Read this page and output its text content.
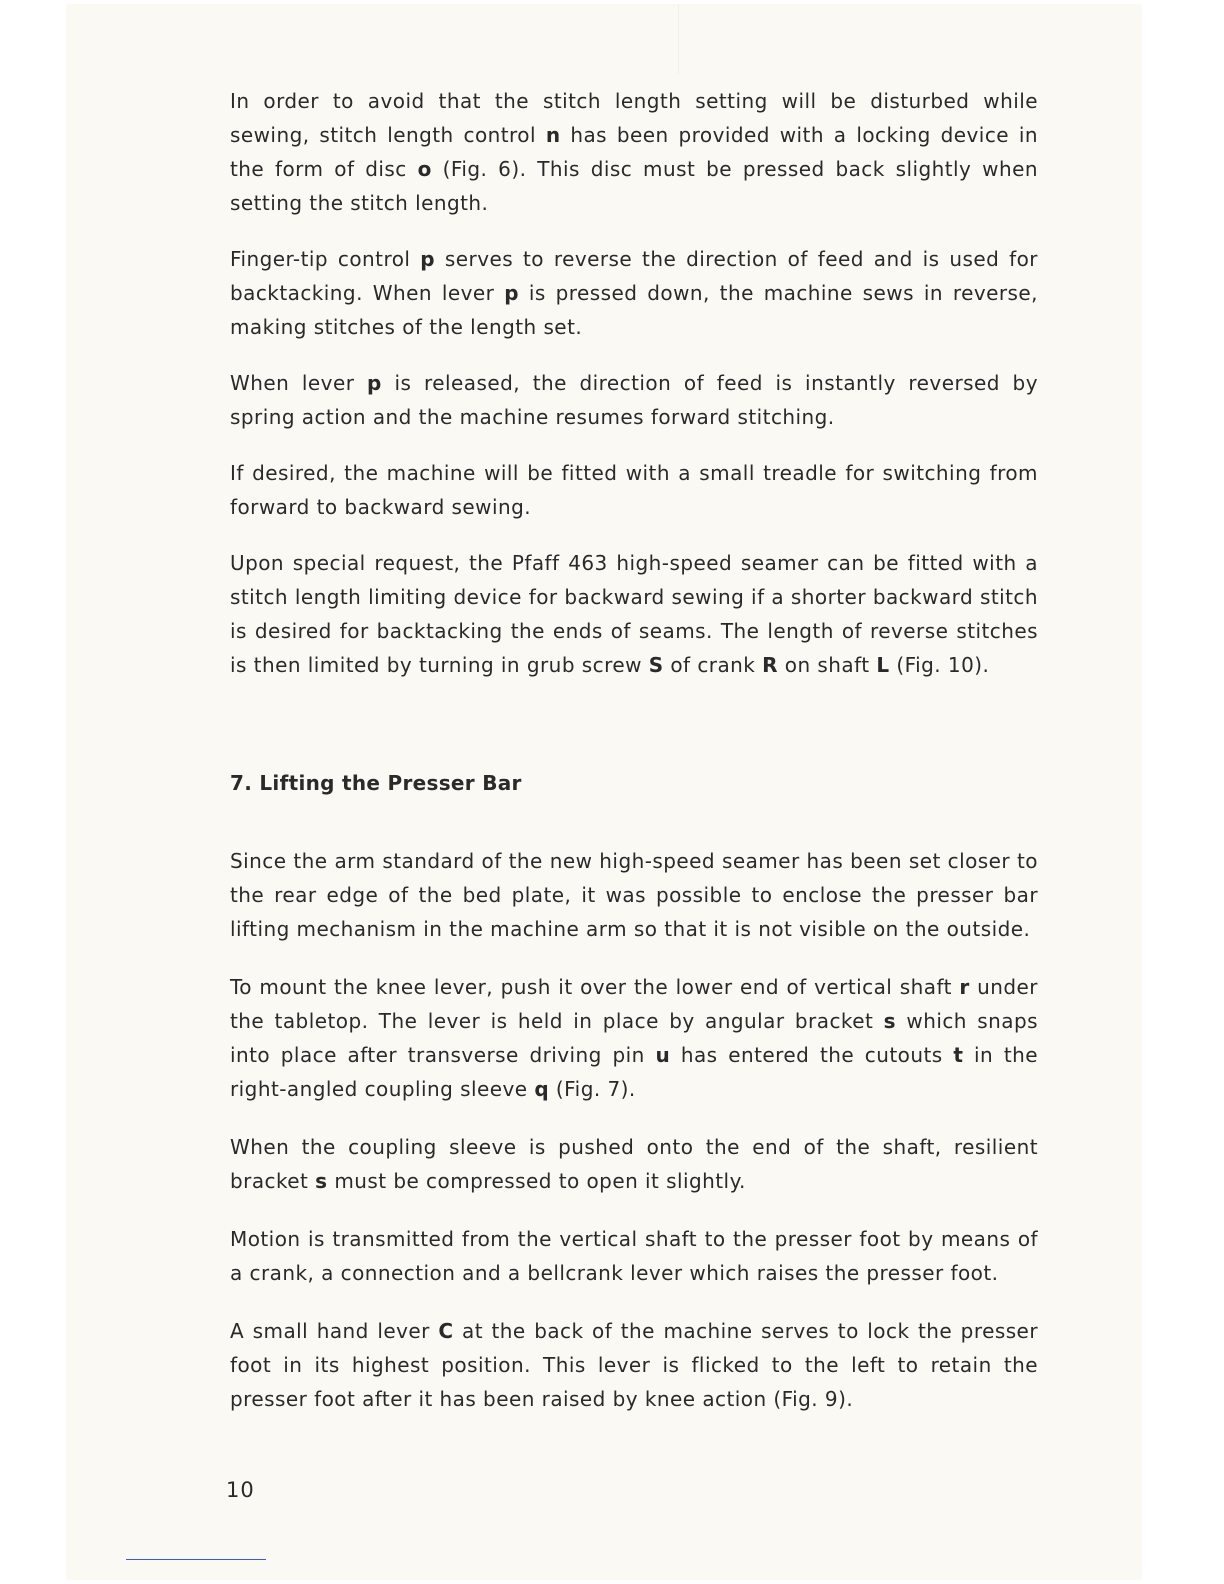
In order to avoid that the stitch length setting will be disturbed while sewing, stitch length control n has been provided with a locking device in the form of disc o (Fig. 6). This disc must be pressed back slightly when setting the stitch length.

Finger-tip control p serves to reverse the direction of feed and is used for backtacking. When lever p is pressed down, the machine sews in reverse, making stitches of the length set.

When lever p is released, the direction of feed is instantly reversed by spring action and the machine resumes forward stitching.

If desired, the machine will be fitted with a small treadle for switching from forward to backward sewing.

Upon special request, the Pfaff 463 high-speed seamer can be fitted with a stitch length limiting device for backward sewing if a shorter backward stitch is desired for backtacking the ends of seams. The length of reverse stitches is then limited by turning in grub screw S of crank R on shaft L (Fig. 10).

7. Lifting the Presser Bar

Since the arm standard of the new high-speed seamer has been set closer to the rear edge of the bed plate, it was possible to enclose the presser bar lifting mechanism in the machine arm so that it is not visible on the outside.

To mount the knee lever, push it over the lower end of vertical shaft r under the tabletop. The lever is held in place by angular bracket s which snaps into place after transverse driving pin u has entered the cutouts t in the right-angled coupling sleeve q (Fig. 7).

When the coupling sleeve is pushed onto the end of the shaft, resilient bracket s must be compressed to open it slightly.

Motion is transmitted from the vertical shaft to the presser foot by means of a crank, a connection and a bellcrank lever which raises the presser foot.

A small hand lever C at the back of the machine serves to lock the presser foot in its highest position. This lever is flicked to the left to retain the presser foot after it has been raised by knee action (Fig. 9).

10
